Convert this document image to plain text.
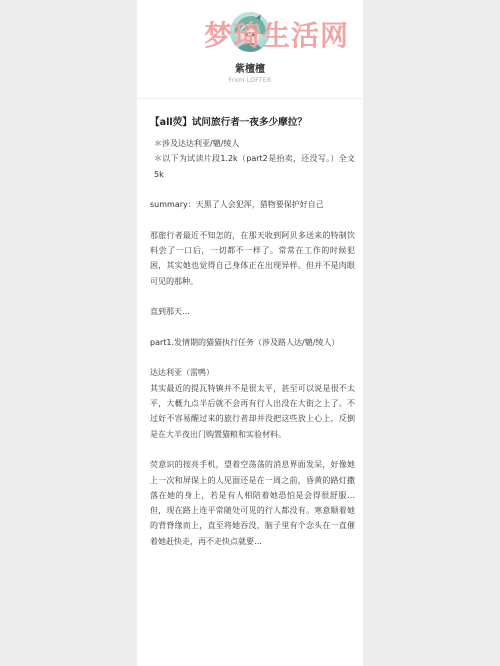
梦琦生活网
紫檀檀
From LOFTER
【all荧】试问旅行者一夜多少摩拉？

＊涉及达达利亚/魈/绫人

＊以下为试读片段1.2k（part2是抬卖，还没写。）全文5k

summary：天黑了人会犯浑，猎物要保护好自己

那旅行者最近不知怎的，在那天收到阿贝多送来的特制饮料尝了一口后，一切都不一样了。常常在工作的时候犯困，其实她也觉得自己身体正在出现异样。但并不是肉眼可见的那种。

直到那天…

part1.发情期的猫猫执行任务（涉及路人达/魈/绫人）

达达利亚（雷鸭）

其实最近的提瓦特镇并不是很太平，甚至可以说是很不太平，大概九点半后就不会再有行人出没在大街之上了。不过好不容易醒过来的旅行者却并没把这些放上心上，反倒是在大半夜出门购置猫粮和实验材料。

荧意识的按亮手机，望着空荡荡的消息界面发呆，好像她上一次和屏保上的人见面还是在一周之前，昏黄的路灯撒落在她的身上，若是有人相陪着她恐怕是会得很舒服…但，现在路上连平常随处可见的行人都没有。寒意顺着她的背脊缘而上，直至将她吞没，脑子里有个念头在一直催着她赶快走，再不走快点就要…
